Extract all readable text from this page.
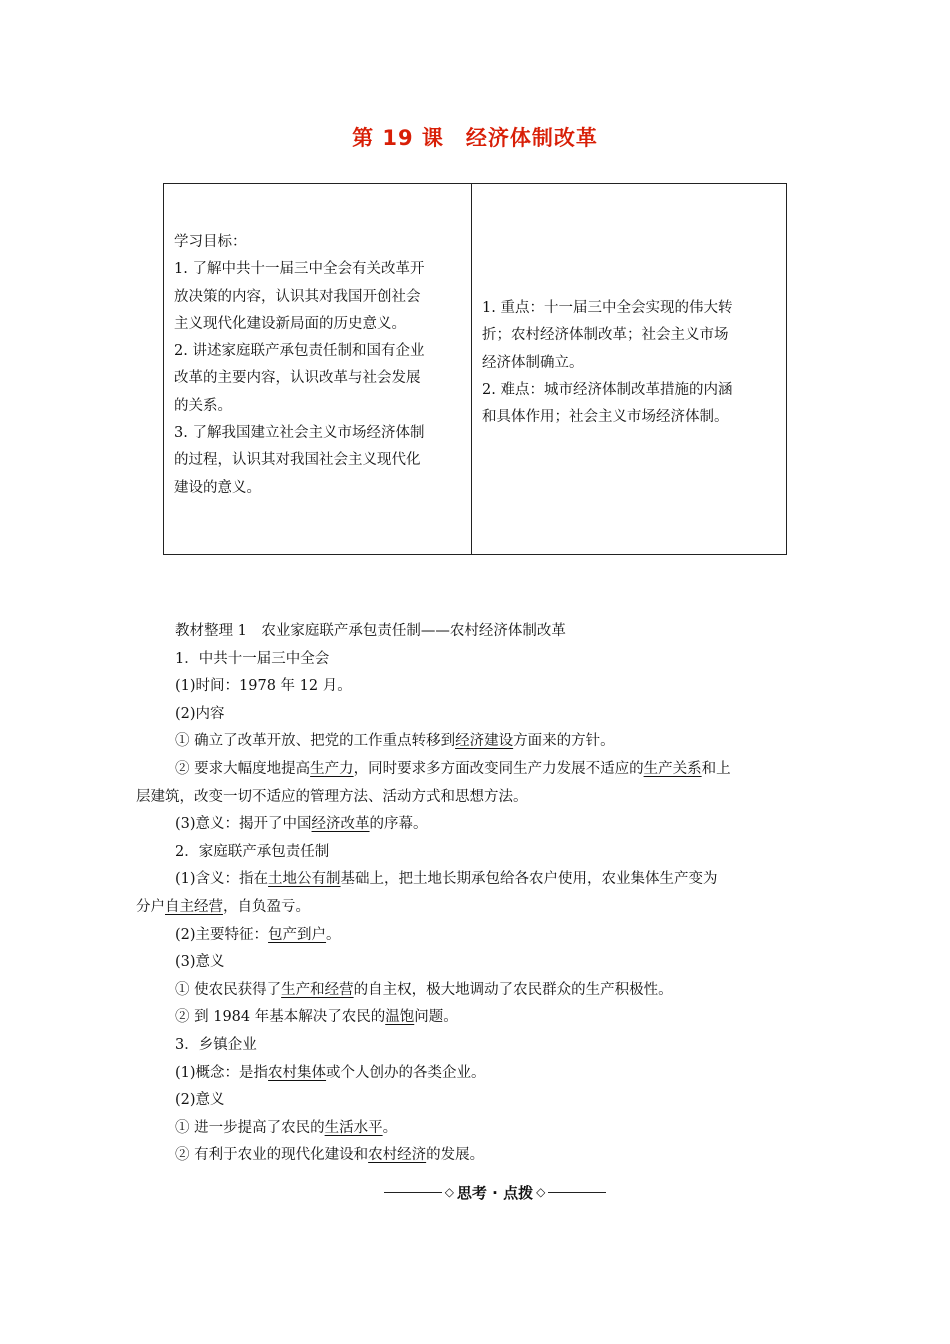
第 19 课　经济体制改革
学习目标：
1. 了解中共十一届三中全会有关改革开
放决策的内容，认识其对我国开创社会
主义现代化建设新局面的历史意义。
2. 讲述家庭联产承包责任制和国有企业
改革的主要内容，认识改革与社会发展
的关系。
3. 了解我国建立社会主义市场经济体制
的过程，认识其对我国社会主义现代化
建设的意义。
1. 重点：十一届三中全会实现的伟大转
折；农村经济体制改革；社会主义市场
经济体制确立。
2. 难点：城市经济体制改革措施的内涵
和具体作用；社会主义市场经济体制。
教材整理 1　农业家庭联产承包责任制——农村经济体制改革
1．中共十一届三中全会
(1)时间：1978 年 12 月。
(2)内容
① 确立了改革开放、把党的工作重点转移到经济建设方面来的方针。
② 要求大幅度地提高生产力，同时要求多方面改变同生产力发展不适应的生产关系和上
层建筑，改变一切不适应的管理方法、活动方式和思想方法。
(3)意义：揭开了中国经济改革的序幕。
2．家庭联产承包责任制
(1)含义：指在土地公有制基础上，把土地长期承包给各农户使用，农业集体生产变为
分户自主经营，自负盈亏。
(2)主要特征：包产到户。
(3)意义
① 使农民获得了生产和经营的自主权，极大地调动了农民群众的生产积极性。
② 到 1984 年基本解决了农民的温饱问题。
3．乡镇企业
(1)概念：是指农村集体或个人创办的各类企业。
(2)意义
① 进一步提高了农民的生活水平。
② 有利于农业的现代化建设和农村经济的发展。
◇ 思考 · 点拨 ◇
